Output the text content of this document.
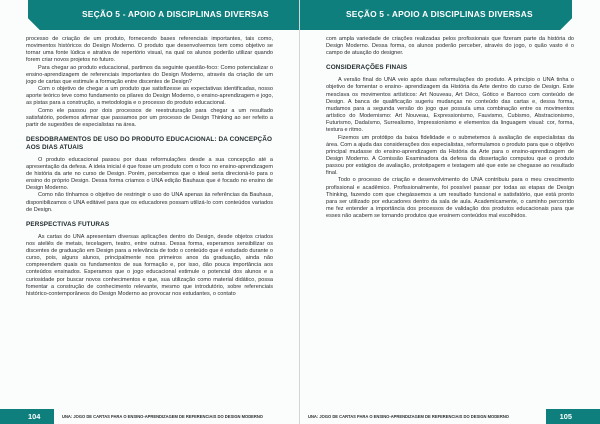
SEÇÃO 5 - APOIO A DISCIPLINAS DIVERSAS

processo de criação de um produto, fornecendo bases referenciais importantes, tais como, movimentos históricos do Design Moderno. O produto que desenvolvemos tem como objetivo se tornar uma fonte lúdica e atrativa de repertório visual, na qual os alunos poderão utilizar quando forem criar novos projetos no futuro.

Para chegar ao produto educacional, partimos da seguinte questão-foco: Como potencializar o ensino-aprendizagem de referenciais importantes do Design Moderno, através da criação de um jogo de cartas que estimule a formação entre discentes de Design?

Com o objetivo de chegar a um produto que satisfizesse as expectativas identificadas, nosso aporte teórico teve como fundamento os pilares do Design Moderno, o ensino-aprendizagem e jogo, as pistas para a construção, a metodologia e o processo do produto educacional.

Como ele passou por dois processos de reestruturação para chegar a um resultado satisfatório, podemos afirmar que passamos por um processo de Design Thinking ao ser refeito a partir de sugestões de especialistas na área.

DESDOBRAMENTOS DE USO DO PRODUTO EDUCACIONAL: DA CONCEPÇÃO AOS DIAS ATUAIS

O produto educacional passou por duas reformulações desde a sua concepção até a apresentação da defesa. A ideia inicial é que fosse um produto com o foco no ensino-aprendizagem de história da arte no curso de Design. Porém, percebemos que o ideal seria direcioná-lo para o ensino do próprio Design. Dessa forma criamos o UNA edição Bauhaus que é focado no ensino de Design Moderno.

Como não tínhamos o objetivo de restringir o uso do UNA apenas às referências da Bauhaus, disponibilizamos o UNA editável para que os educadores possam utilizá-lo com conteúdos variados de Design.

PERSPECTIVAS FUTURAS

As cartas do UNA apresentam diversas aplicações dentro do Design, desde objetos criados nos ateliês de metais, tecelagem, teatro, entre outras. Dessa forma, esperamos sensibilizar os discentes de graduação em Design para a relevância de todo o conteúdo que é estudado durante o curso, pois, alguns alunos, principalmente nos primeiros anos da graduação, ainda não compreendem quais os fundamentos de sua formação e, por isso, dão pouca importância aos conteúdos ensinados. Esperamos que o jogo educacional estimule o potencial dos alunos e a curiosidade por buscar novos conhecimentos e que, sua utilização como material didático, possa fomentar a construção de conhecimento relevante, mesmo que introdutório, sobre referenciais histórico-contemporâneos do Design Moderno ao provocar nos estudantes, o contato

104	UNA: JOGO DE CARTAS PARA O ENSINO-APRENDIZAGEM DE REFERENCIAIS DO DESIGN MODERNO
SEÇÃO 5 - APOIO A DISCIPLINAS DIVERSAS

com ampla variedade de criações realizadas pelos profissionais que fizeram parte da história do Design Moderno. Dessa forma, os alunos poderão perceber, através do jogo, o quão vasto é o campo de atuação do designer.

CONSIDERAÇÕES FINAIS

A versão final do UNA veio após duas reformulações do produto. A princípio o UNA tinha o objetivo de fomentar o ensino- aprendizagem da História da Arte dentro do curso de Design. Este mesclava os movimentos artísticos: Art Nouveau, Art Déco, Gótico e Barroco com conteúdo de Design. A banca de qualificação sugeriu mudanças no conteúdo das cartas e, dessa forma, mudamos para a segunda versão do jogo que possuía uma combinação entre os movimentos artístico do Modernismo: Art Nouveau, Expressionismo, Fauvismo, Cubismo, Abstracionismo, Futurismo, Dadaísmo, Surrealismo, Impressionismo e elementos da linguagem visual: cor, forma, textura e ritmo.

Fizemos um protótipo da baixa fidelidade e o submetemos à avaliação de especialistas da área. Com a ajuda das considerações dos especialistas, reformulamos o produto para que o objetivo principal mudasse do ensino-aprendizagem da História da Arte para o ensino-aprendizagem de Design Moderno. A Comissão Examinadora da defesa da dissertação computou que o produto passou por estágios de avaliação, prototipagem e testagem até que este se chegasse ao resultado final.

Todo o processo de criação e desenvolvimento do UNA contribuiu para o meu crescimento profissional e acadêmico. Profissionalmente, foi possível passar por todas as etapas de Design Thinking, fazendo com que chegássemos a um resultado funcional e satisfatório, que está pronto para ser utilizado por educadores dentro da sala de aula. Academicamente, o caminho percorrido me fez entender a importância dos processos de validação dos produtos educacionais para que esses não acabem se tornando produtos que ensinem conteúdos mal escolhidos.

105
UNA: JOGO DE CARTAS PARA O ENSINO-APRENDIZAGEM DE REFERENCIAIS DO DESIGN MODERNO
